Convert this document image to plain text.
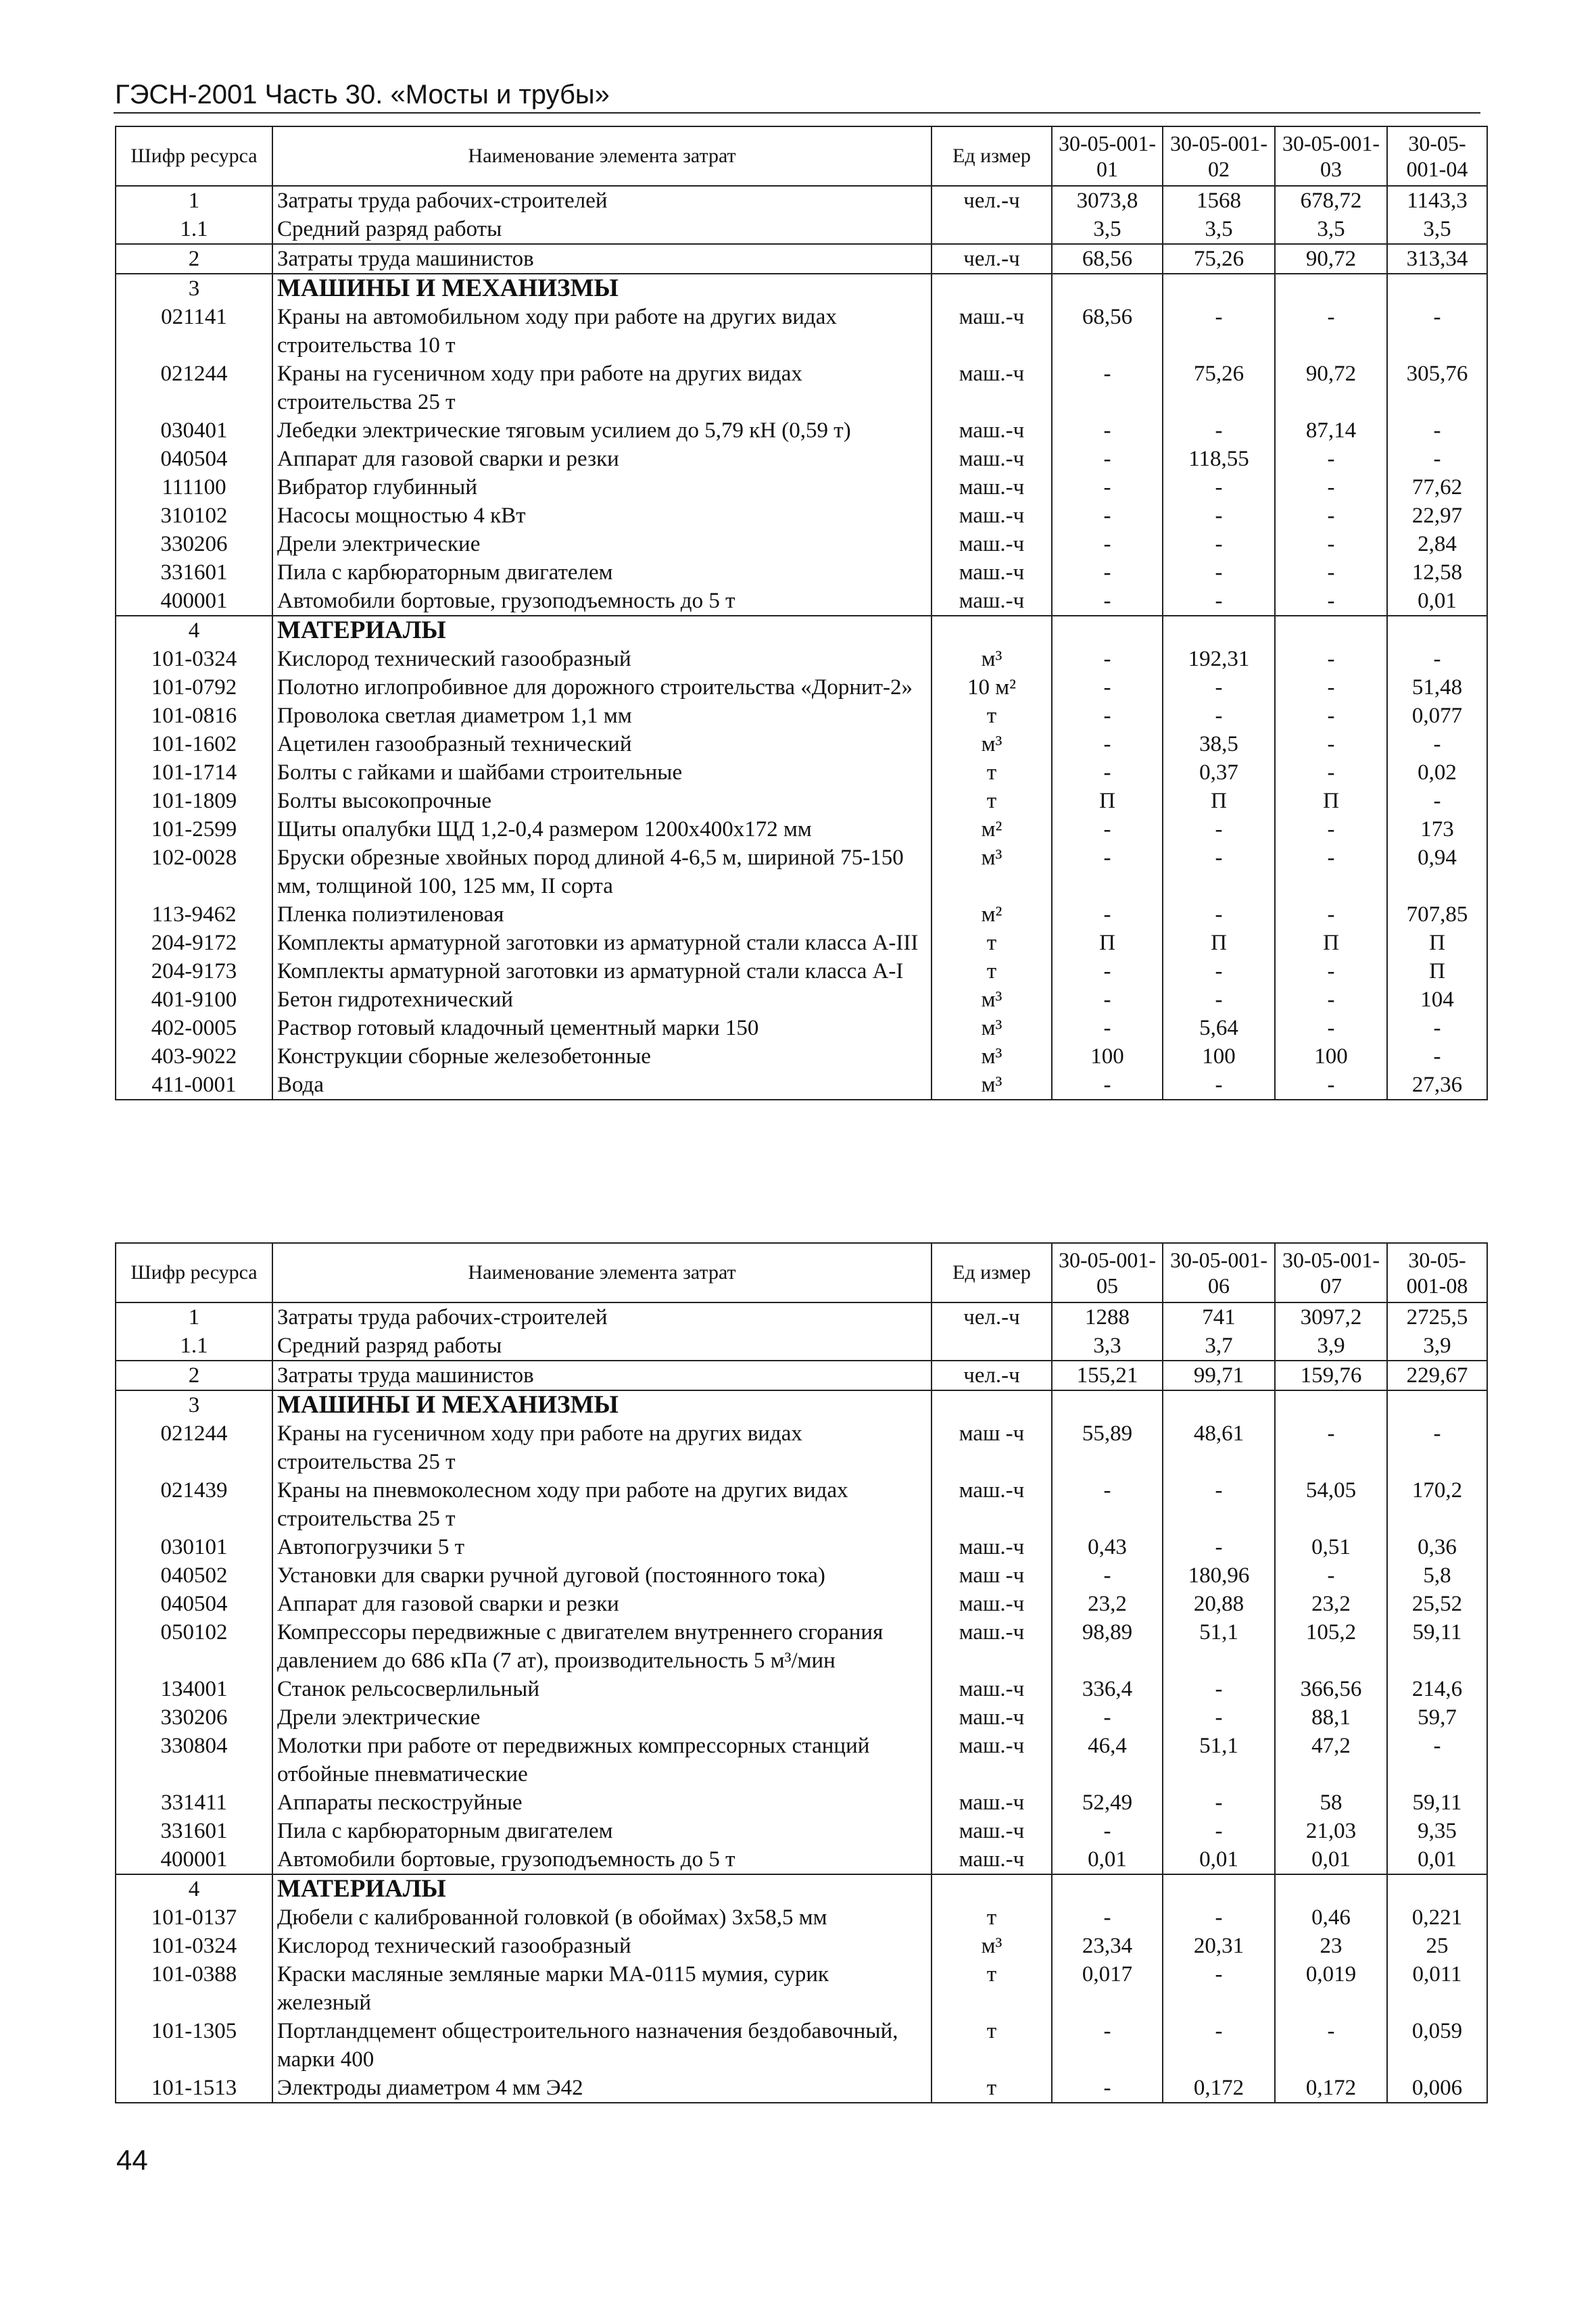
ГЭСН-2001 Часть 30. «Мосты и трубы»
Шифр ресурса	Наименование элемента затрат	Ед измер	30-05-001-01	30-05-001-02	30-05-001-03	30-05-001-04
1	Затраты труда рабочих-строителей	чел.-ч	3073,8	1568	678,72	1143,3
1.1	Средний разряд работы		3,5	3,5	3,5	3,5
2	Затраты труда машинистов	чел.-ч	68,56	75,26	90,72	313,34
3	МАШИНЫ И МЕХАНИЗМЫ					
021141	Краны на автомобильном ходу при работе на других видах строительства 10 т	маш.-ч	68,56	-	-	-
021244	Краны на гусеничном ходу при работе на других видах строительства 25 т	маш.-ч	-	75,26	90,72	305,76
030401	Лебедки электрические тяговым усилием до 5,79 кН (0,59 т)	маш.-ч	-	-	87,14	-
040504	Аппарат для газовой сварки и резки	маш.-ч	-	118,55	-	-
111100	Вибратор глубинный	маш.-ч	-	-	-	77,62
310102	Насосы мощностью 4 кВт	маш.-ч	-	-	-	22,97
330206	Дрели электрические	маш.-ч	-	-	-	2,84
331601	Пила с карбюраторным двигателем	маш.-ч	-	-	-	12,58
400001	Автомобили бортовые, грузоподъемность до 5 т	маш.-ч	-	-	-	0,01
4	МАТЕРИАЛЫ					
101-0324	Кислород технический газообразный	м³	-	192,31	-	-
101-0792	Полотно иглопробивное для дорожного строительства «Дорнит-2»	10 м²	-	-	-	51,48
101-0816	Проволока светлая диаметром 1,1 мм	т	-	-	-	0,077
101-1602	Ацетилен газообразный технический	м³	-	38,5	-	-
101-1714	Болты с гайками и шайбами строительные	т	-	0,37	-	0,02
101-1809	Болты высокопрочные	т	П	П	П	-
101-2599	Щиты опалубки ЩД 1,2-0,4 размером 1200x400x172 мм	м²	-	-	-	173
102-0028	Бруски обрезные хвойных пород длиной 4-6,5 м, шириной 75-150 мм, толщиной 100, 125 мм, II сорта	м³	-	-	-	0,94
113-9462	Пленка полиэтиленовая	м²	-	-	-	707,85
204-9172	Комплекты арматурной заготовки из арматурной стали класса А-III	т	П	П	П	П
204-9173	Комплекты арматурной заготовки из арматурной стали класса А-I	т	-	-	-	П
401-9100	Бетон гидротехнический	м³	-	-	-	104
402-0005	Раствор готовый кладочный цементный марки 150	м³	-	5,64	-	-
403-9022	Конструкции сборные железобетонные	м³	100	100	100	-
411-0001	Вода	м³	-	-	-	27,36
Шифр ресурса	Наименование элемента затрат	Ед измер	30-05-001-05	30-05-001-06	30-05-001-07	30-05-001-08
1	Затраты труда рабочих-строителей	чел.-ч	1288	741	3097,2	2725,5
1.1	Средний разряд работы		3,3	3,7	3,9	3,9
2	Затраты труда машинистов	чел.-ч	155,21	99,71	159,76	229,67
3	МАШИНЫ И МЕХАНИЗМЫ					
021244	Краны на гусеничном ходу при работе на других видах строительства 25 т	маш -ч	55,89	48,61	-	-
021439	Краны на пневмоколесном ходу при работе на других видах строительства 25 т	маш.-ч	-	-	54,05	170,2
030101	Автопогрузчики 5 т	маш.-ч	0,43	-	0,51	0,36
040502	Установки для сварки ручной дуговой (постоянного тока)	маш -ч	-	180,96	-	5,8
040504	Аппарат для газовой сварки и резки	маш.-ч	23,2	20,88	23,2	25,52
050102	Компрессоры передвижные с двигателем внутреннего сгорания давлением до 686 кПа (7 ат), производительность 5 м³/мин	маш.-ч	98,89	51,1	105,2	59,11
134001	Станок рельсосверлильный	маш.-ч	336,4	-	366,56	214,6
330206	Дрели электрические	маш.-ч	-	-	88,1	59,7
330804	Молотки при работе от передвижных компрессорных станций отбойные пневматические	маш.-ч	46,4	51,1	47,2	-
331411	Аппараты пескоструйные	маш.-ч	52,49	-	58	59,11
331601	Пила с карбюраторным двигателем	маш.-ч	-	-	21,03	9,35
400001	Автомобили бортовые, грузоподъемность до 5 т	маш.-ч	0,01	0,01	0,01	0,01
4	МАТЕРИАЛЫ					
101-0137	Дюбели с калиброванной головкой (в обоймах) 3x58,5 мм	т	-	-	0,46	0,221
101-0324	Кислород технический газообразный	м³	23,34	20,31	23	25
101-0388	Краски масляные земляные марки МА-0115 мумия, сурик железный	т	0,017	-	0,019	0,011
101-1305	Портландцемент общестроительного назначения бездобавочный, марки 400	т	-	-	-	0,059
101-1513	Электроды диаметром 4 мм Э42	т	-	0,172	0,172	0,006
44
